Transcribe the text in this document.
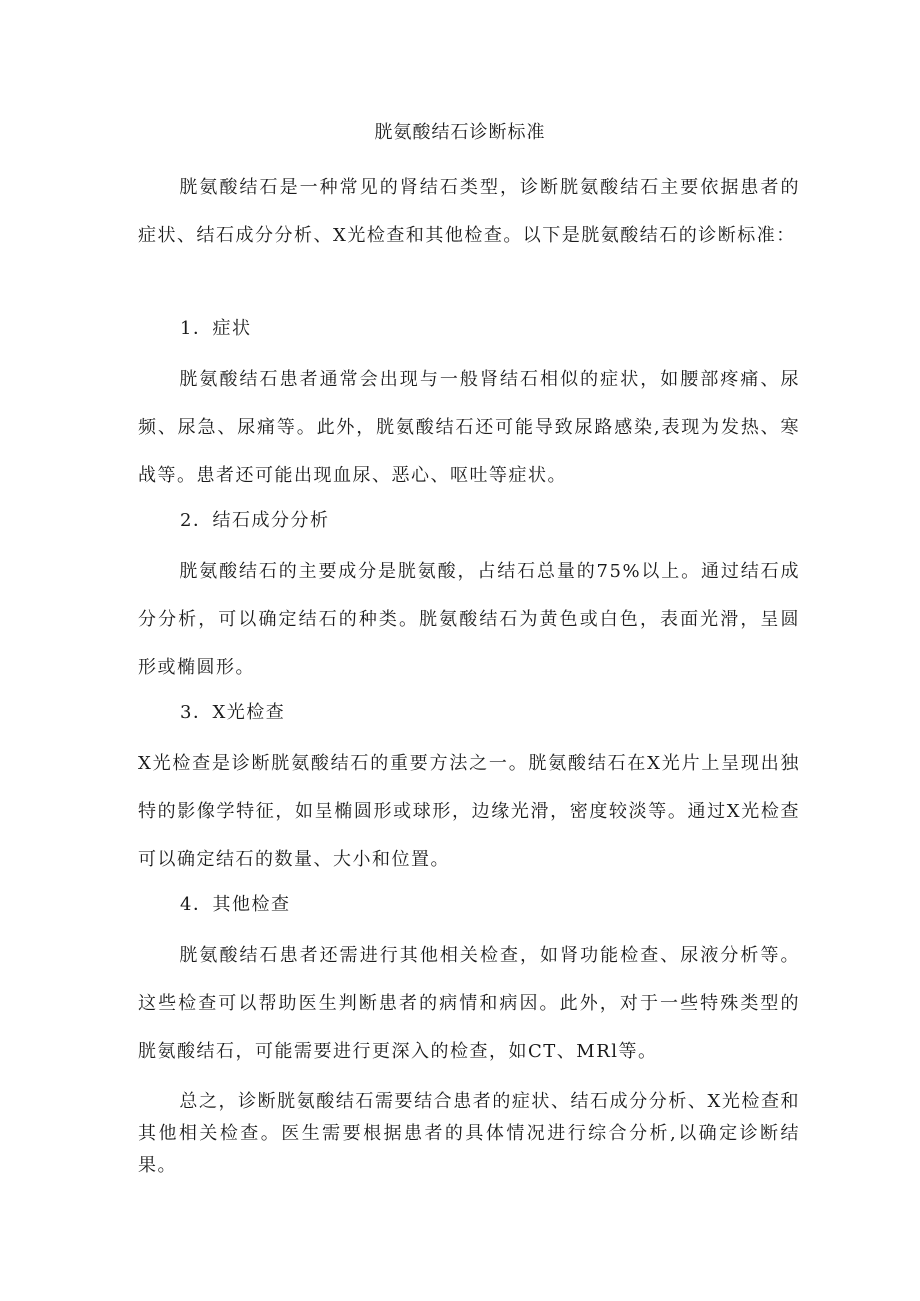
胱氨酸结石诊断标准

胱氨酸结石是一种常见的肾结石类型，诊断胱氨酸结石主要依据患者的症状、结石成分分析、X光检查和其他检查。以下是胱氨酸结石的诊断标准：

1．症状

胱氨酸结石患者通常会出现与一般肾结石相似的症状，如腰部疼痛、尿频、尿急、尿痛等。此外，胱氨酸结石还可能导致尿路感染,表现为发热、寒战等。患者还可能出现血尿、恶心、呕吐等症状。

2．结石成分分析

胱氨酸结石的主要成分是胱氨酸，占结石总量的75%以上。通过结石成分分析，可以确定结石的种类。胱氨酸结石为黄色或白色，表面光滑，呈圆形或椭圆形。

3．X光检查

X光检查是诊断胱氨酸结石的重要方法之一。胱氨酸结石在X光片上呈现出独特的影像学特征，如呈椭圆形或球形，边缘光滑，密度较淡等。通过X光检查可以确定结石的数量、大小和位置。

4．其他检查

胱氨酸结石患者还需进行其他相关检查，如肾功能检查、尿液分析等。这些检查可以帮助医生判断患者的病情和病因。此外，对于一些特殊类型的胱氨酸结石，可能需要进行更深入的检查，如CT、MRl等。

总之，诊断胱氨酸结石需要结合患者的症状、结石成分分析、X光检查和其他相关检查。医生需要根据患者的具体情况进行综合分析,以确定诊断结果。
